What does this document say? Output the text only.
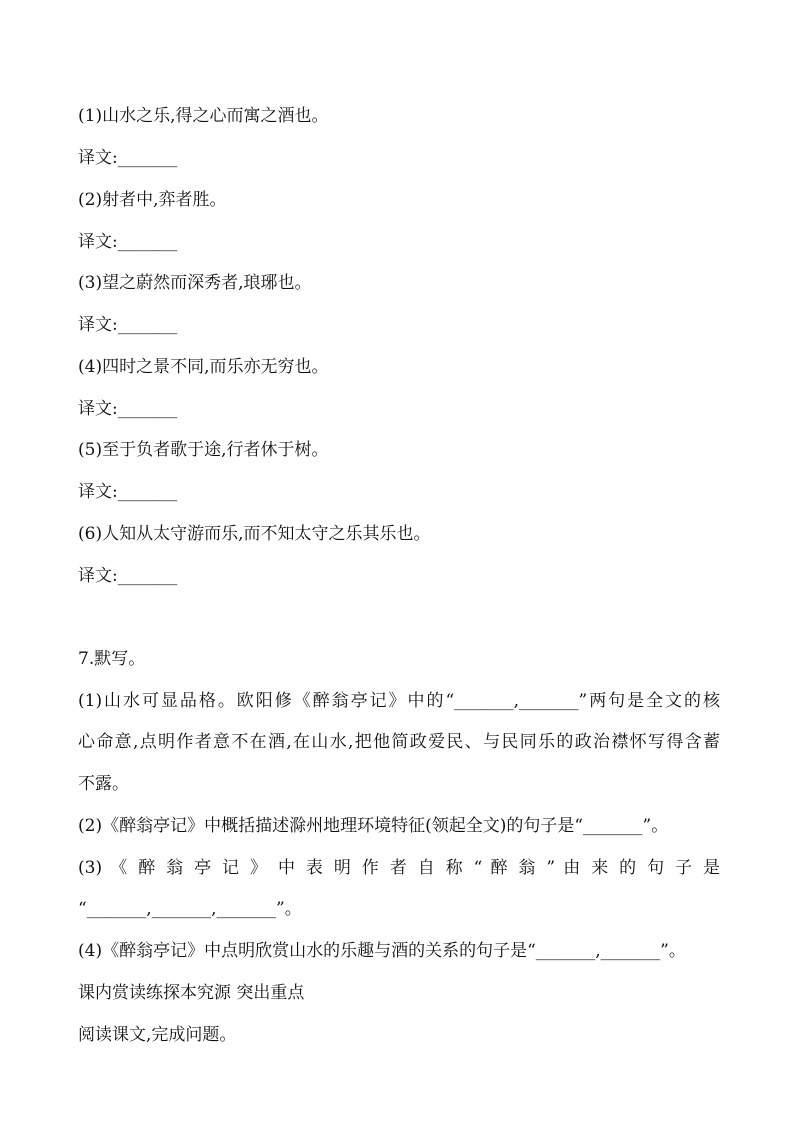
(1)山水之乐,得之心而寓之酒也。
译文:_______
(2)射者中,弈者胜。
译文:_______
(3)望之蔚然而深秀者,琅琊也。
译文:_______
(4)四时之景不同,而乐亦无穷也。
译文:_______
(5)至于负者歌于途,行者休于树。
译文:_______
(6)人知从太守游而乐,而不知太守之乐其乐也。
译文:_______
7.默写。
(1)山水可显品格。欧阳修《醉翁亭记》中的“_______,_______”两句是全文的核
心命意,点明作者意不在酒,在山水,把他简政爱民、与民同乐的政治襟怀写得含蓄
不露。
(2)《醉翁亭记》中概括描述滁州地理环境特征(领起全文)的句子是“_______”。
(3) 《 醉 翁 亭 记 》 中 表 明 作 者 自 称 “ 醉 翁 ” 由 来 的 句 子 是
“_______,_______,_______”。
(4)《醉翁亭记》中点明欣赏山水的乐趣与酒的关系的句子是“_______,_______”。
课内赏读练探本究源 突出重点
阅读课文,完成问题。
